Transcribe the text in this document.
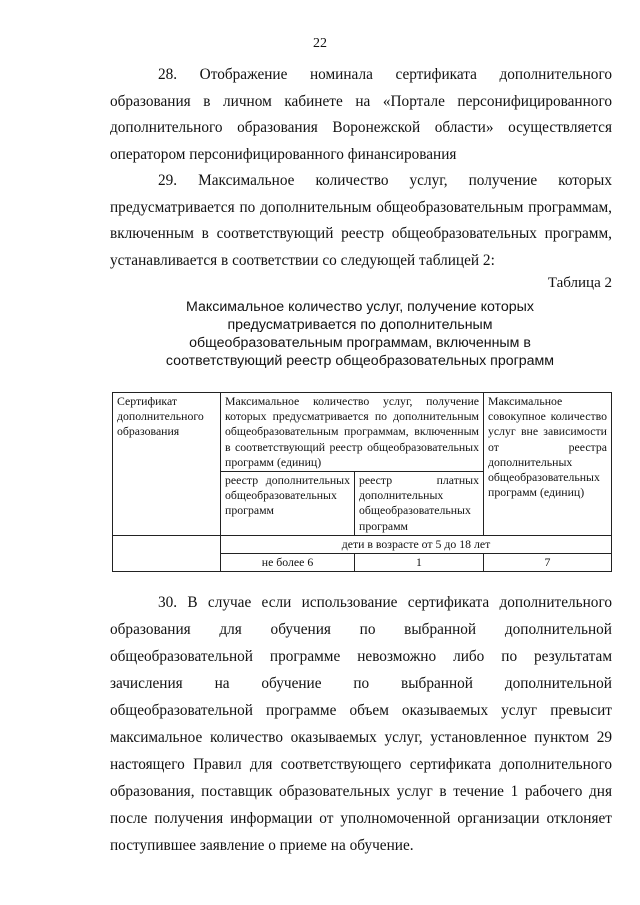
22

28. Отображение номинала сертификата дополнительного образования в личном кабинете на «Портале персонифицированного дополнительного образования Воронежской области» осуществляется оператором персонифицированного финансирования

29. Максимальное количество услуг, получение которых предусматривается по дополнительным общеобразовательным программам, включенным в соответствующий реестр общеобразовательных программ, устанавливается в соответствии со следующей таблицей 2:

Таблица 2
Максимальное количество услуг, получение которых предусматривается по дополнительным общеобразовательным программам, включенным в соответствующий реестр общеобразовательных программ
Сертификат дополнительного образования	Максимальное количество услуг, получение которых предусматривается по дополнительным общеобразовательным программам, включенным в соответствующий реестр общеобразовательных программ (единиц)		Максимальное совокупное количество услуг вне зависимости от реестра дополнительных общеобразовательных программ (единиц)
	реестр дополнительных общеобразовательных программ	реестр платных дополнительных общеобразовательных программ	
	дети в возрасте от 5 до 18 лет		
	не более 6	1	7

30. В случае если использование сертификата дополнительного образования для обучения по выбранной дополнительной общеобразовательной программе невозможно либо по результатам зачисления на обучение по выбранной дополнительной общеобразовательной программе объем оказываемых услуг превысит максимальное количество оказываемых услуг, установленное пунктом 29 настоящего Правил для соответствующего сертификата дополнительного образования, поставщик образовательных услуг в течение 1 рабочего дня после получения информации от уполномоченной организации отклоняет поступившее заявление о приеме на обучение.
